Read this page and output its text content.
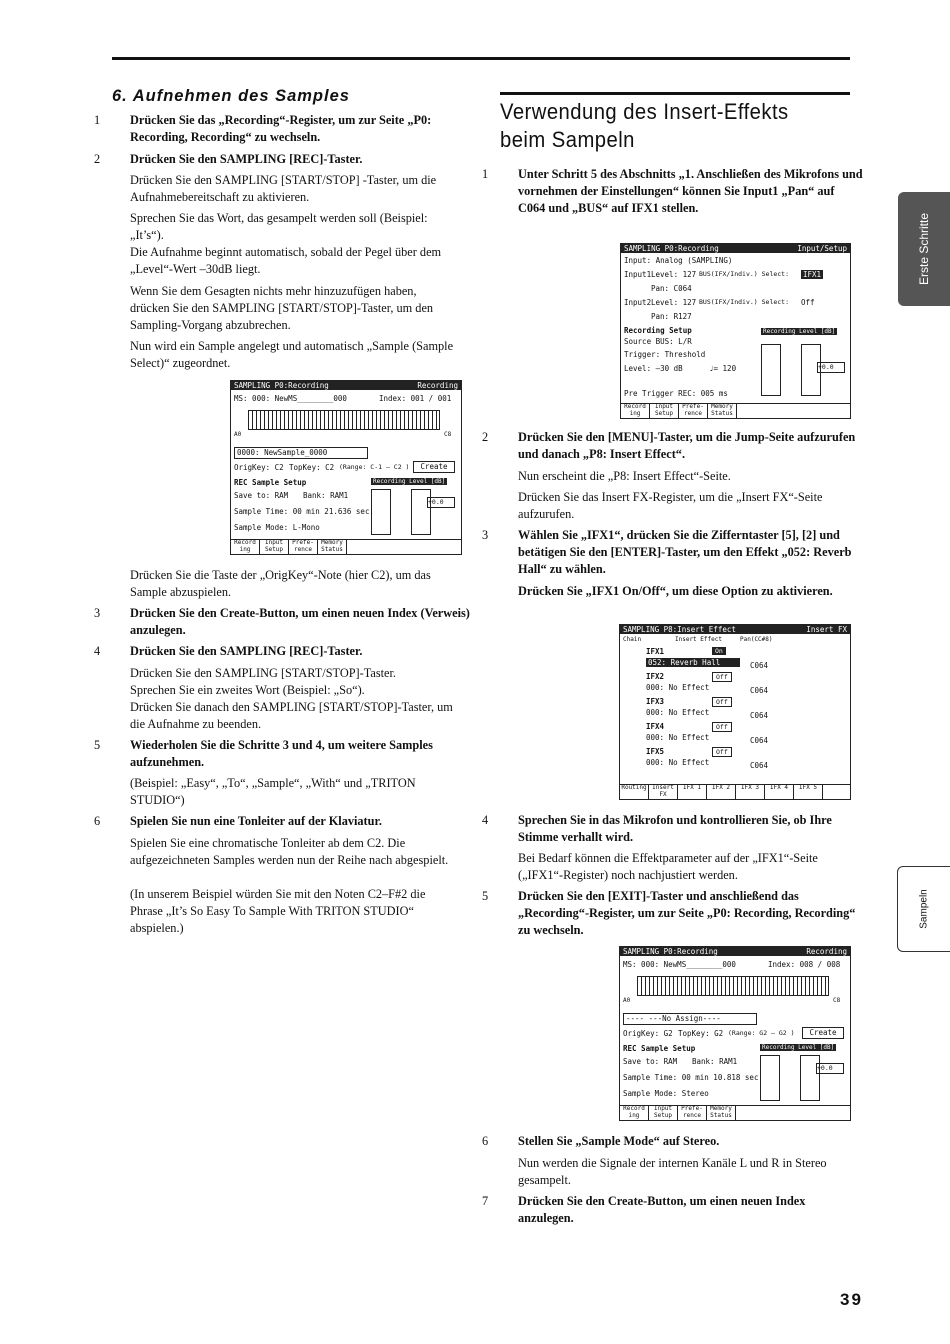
6. Aufnehmen des Samples
1 Drücken Sie das „Recording“-Register, um zur Seite „P0: Recording, Recording“ zu wechseln.
2 Drücken Sie den SAMPLING [REC]-Taster.
Drücken Sie den SAMPLING [START/STOP] -Taster, um die Aufnahmebereitschaft zu aktivieren.
Sprechen Sie das Wort, das gesampelt werden soll (Beispiel: „It’s“).
Die Aufnahme beginnt automatisch, sobald der Pegel über dem „Level“-Wert –30dB liegt.
Wenn Sie dem Gesagten nichts mehr hinzuzufügen haben, drücken Sie den SAMPLING [START/STOP]-Taster, um den Sampling-Vorgang abzubrechen.
Nun wird ein Sample angelegt und automatisch „Sample (Sample Select)“ zugeordnet.
SAMPLING P0:Recording	Recording
MS: 000: NewMS________000	Index: 001 / 001
A0	C8
0000: NewSample_0000
OrigKey: C2 TopKey: C2 (Range: C-1 – C2 )	Create
REC Sample Setup	Recording Level [dB]
Save to: RAM Bank: RAM1
Sample Time: 00 min 21.636 sec
Sample Mode: L-Mono
+0.0
Record ing
Input Setup
Prefe- rence
Memory Status
Drücken Sie die Taste der „OrigKey“-Note (hier C2), um das Sample abzuspielen.
3 Drücken Sie den Create-Button, um einen neuen Index (Verweis) anzulegen.
4 Drücken Sie den SAMPLING [REC]-Taster.
Drücken Sie den SAMPLING [START/STOP]-Taster.
Sprechen Sie ein zweites Wort (Beispiel: „So“).
Drücken Sie danach den SAMPLING [START/STOP]-Taster, um die Aufnahme zu beenden.
5 Wiederholen Sie die Schritte 3 und 4, um weitere Samples aufzunehmen.
(Beispiel: „Easy“, „To“, „Sample“, „With“ und „TRITON STUDIO“)
6 Spielen Sie nun eine Tonleiter auf der Klaviatur.
Spielen Sie eine chromatische Tonleiter ab dem C2. Die aufgezeichneten Samples werden nun der Reihe nach abgespielt.
(In unserem Beispiel würden Sie mit den Noten C2–F#2 die Phrase „It’s So Easy To Sample With TRITON STUDIO“ abspielen.)
Verwendung des Insert-Effekts beim Sampeln
1 Unter Schritt 5 des Abschnitts „1. Anschließen des Mikrofons und vornehmen der Einstellungen“ können Sie Input1 „Pan“ auf C064 und „BUS“ auf IFX1 stellen.
SAMPLING P0:Recording	Input/Setup
Input: Analog (SAMPLING)
Input1 Level: 127 BUS(IFX/Indiv.) Select: IFX1
Pan: C064
Input2 Level: 127 BUS(IFX/Indiv.) Select: Off
Pan: R127
Recording Setup
Source BUS: L/R
Trigger: Threshold
Level: –30 dB	♩= 120
Pre Trigger REC: 005 ms
Recording Level [dB]
+0.0
Record ing
Input Setup
Prefe- rence
Memory Status
2 Drücken Sie den [MENU]-Taster, um die Jump-Seite aufzurufen und danach „P8: Insert Effect“.
Nun erscheint die „P8: Insert Effect“-Seite.
Drücken Sie das Insert FX-Register, um die „Insert FX“-Seite aufzurufen.
3 Wählen Sie „IFX1“, drücken Sie die Zifferntaster [5], [2] und betätigen Sie den [ENTER]-Taster, um den Effekt „052: Reverb Hall“ zu wählen.
Drücken Sie „IFX1 On/Off“, um diese Option zu aktivieren.
SAMPLING P8:Insert Effect	Insert FX
Chain	Insert Effect	Pan(CC#8)
IFX1	On
052: Reverb Hall	C064
IFX2	Off
000: No Effect	C064
IFX3	Off
000: No Effect	C064
IFX4	Off
000: No Effect	C064
IFX5	Off
000: No Effect	C064
Routing Insert FX
IFX 1	IFX 2	IFX 3	IFX 4	IFX 5
4 Sprechen Sie in das Mikrofon und kontrollieren Sie, ob Ihre Stimme verhallt wird.
Bei Bedarf können die Effektparameter auf der „IFX1“-Seite („IFX1“-Register) noch nachjustiert werden.
5 Drücken Sie den [EXIT]-Taster und anschließend das „Recording“-Register, um zur Seite „P0: Recording, Recording“ zu wechseln.
SAMPLING P0:Recording	Recording
MS: 000: NewMS________000	Index: 008 / 008
A0	C8
---- ---No Assign----
OrigKey: G2 TopKey: G2 (Range: G2 – G2 )	Create
REC Sample Setup	Recording Level [dB]
Save to: RAM Bank: RAM1
Sample Time: 00 min 10.818 sec
Sample Mode: Stereo
+0.0
Record ing
Input Setup
Prefe- rence
Memory Status
6 Stellen Sie „Sample Mode“ auf Stereo.
Nun werden die Signale der internen Kanäle L und R in Stereo gesampelt.
7 Drücken Sie den Create-Button, um einen neuen Index anzulegen.
Erste Schritte
Sampeln
39
